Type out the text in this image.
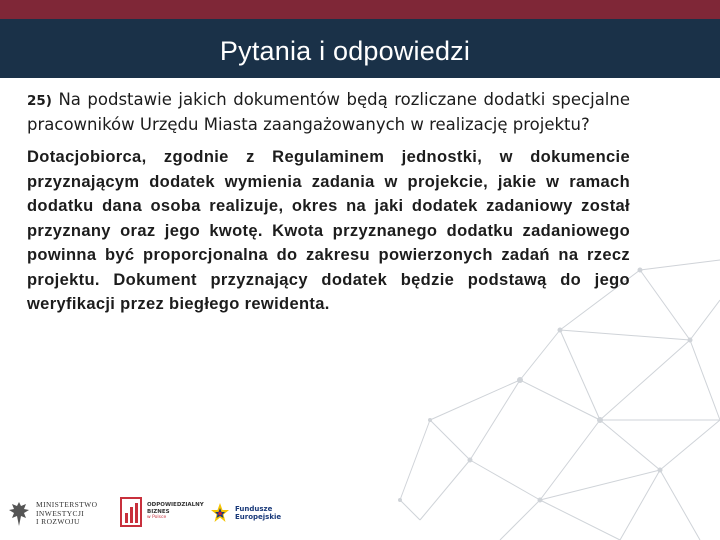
Pytania i odpowiedzi

25) Na podstawie jakich dokumentów będą rozliczane dodatki specjalne pracowników Urzędu Miasta zaangażowanych w realizację projektu?

Dotacjobiorca, zgodnie z Regulaminem jednostki, w dokumencie przyznającym dodatek wymienia zadania w projekcie, jakie w ramach dodatku dana osoba realizuje, okres na jaki dodatek zadaniowy został przyznany oraz jego kwotę. Kwota przyznanego dodatku zadaniowego powinna być proporcjonalna do zakresu powierzonych zadań na rzecz projektu. Dokument przyznający dodatek będzie podstawą do jego weryfikacji przez biegłego rewidenta.

MINISTERSTWO
INWESTYCJI
I ROZWOJU
ODPOWIEDZIALNY
BIZNES
w Polsce
Fundusze
Europejskie
